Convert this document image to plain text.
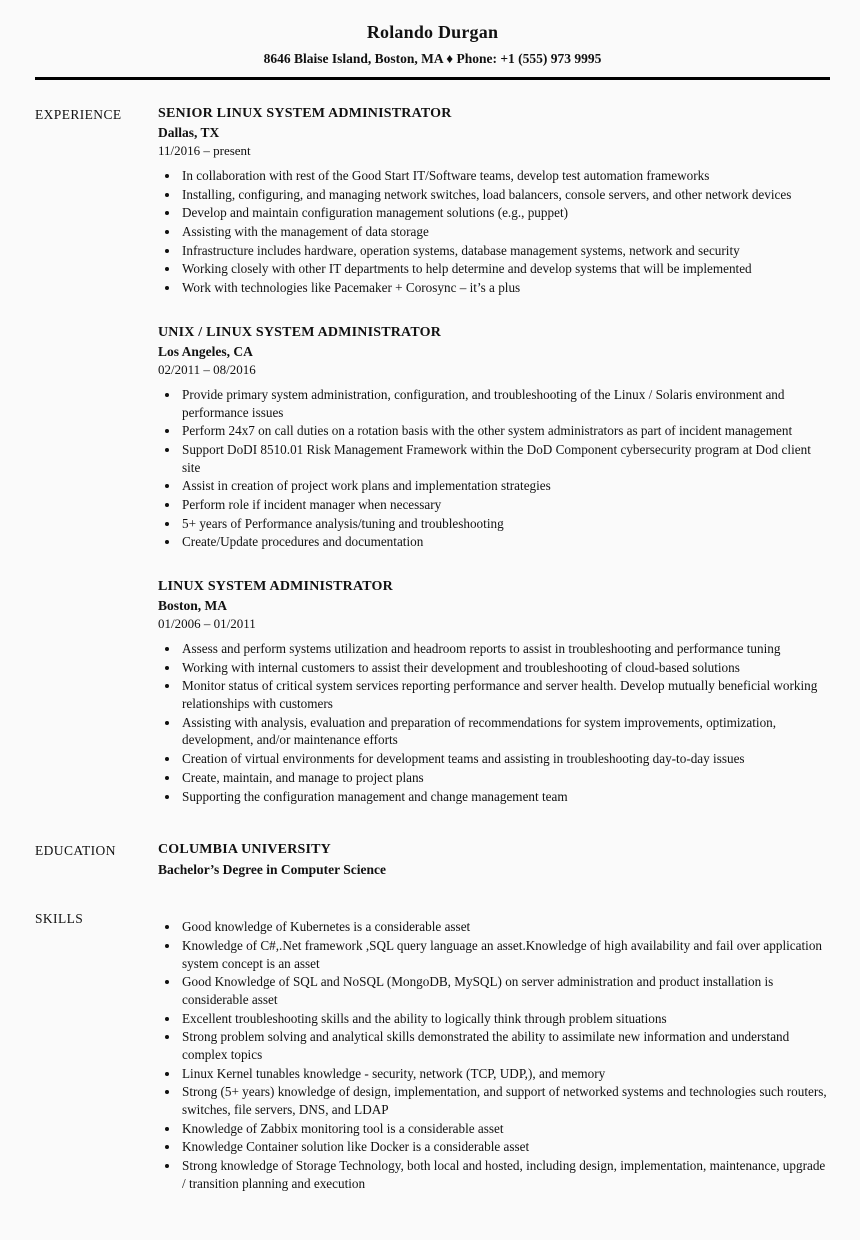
Rolando Durgan
8646 Blaise Island, Boston, MA ♦ Phone: +1 (555) 973 9995
EXPERIENCE	SENIOR LINUX SYSTEM ADMINISTRATOR
Dallas, TX
11/2016 – present
• In collaboration with rest of the Good Start IT/Software teams, develop test automation frameworks
• Installing, configuring, and managing network switches, load balancers, console servers, and other network devices
• Develop and maintain configuration management solutions (e.g., puppet)
• Assisting with the management of data storage
• Infrastructure includes hardware, operation systems, database management systems, network and security
• Working closely with other IT departments to help determine and develop systems that will be implemented
• Work with technologies like Pacemaker + Corosync – it’s a plus
UNIX / LINUX SYSTEM ADMINISTRATOR
Los Angeles, CA
02/2011 – 08/2016
• Provide primary system administration, configuration, and troubleshooting of the Linux / Solaris environment and performance issues
• Perform 24x7 on call duties on a rotation basis with the other system administrators as part of incident management
• Support DoDI 8510.01 Risk Management Framework within the DoD Component cybersecurity program at Dod client site
• Assist in creation of project work plans and implementation strategies
• Perform role if incident manager when necessary
• 5+ years of Performance analysis/tuning and troubleshooting
• Create/Update procedures and documentation
LINUX SYSTEM ADMINISTRATOR
Boston, MA
01/2006 – 01/2011
• Assess and perform systems utilization and headroom reports to assist in troubleshooting and performance tuning
• Working with internal customers to assist their development and troubleshooting of cloud-based solutions
• Monitor status of critical system services reporting performance and server health. Develop mutually beneficial working relationships with customers
• Assisting with analysis, evaluation and preparation of recommendations for system improvements, optimization, development, and/or maintenance efforts
• Creation of virtual environments for development teams and assisting in troubleshooting day-to-day issues
• Create, maintain, and manage to project plans
• Supporting the configuration management and change management team
EDUCATION	COLUMBIA UNIVERSITY
Bachelor’s Degree in Computer Science
SKILLS
• Good knowledge of Kubernetes is a considerable asset
• Knowledge of C#,.Net framework ,SQL query language an asset.Knowledge of high availability and fail over application system concept is an asset
• Good Knowledge of SQL and NoSQL (MongoDB, MySQL) on server administration and product installation is considerable asset
• Excellent troubleshooting skills and the ability to logically think through problem situations
• Strong problem solving and analytical skills demonstrated the ability to assimilate new information and understand complex topics
• Linux Kernel tunables knowledge - security, network (TCP, UDP,), and memory
• Strong (5+ years) knowledge of design, implementation, and support of networked systems and technologies such routers, switches, file servers, DNS, and LDAP
• Knowledge of Zabbix monitoring tool is a considerable asset
• Knowledge Container solution like Docker is a considerable asset
• Strong knowledge of Storage Technology, both local and hosted, including design, implementation, maintenance, upgrade / transition planning and execution
